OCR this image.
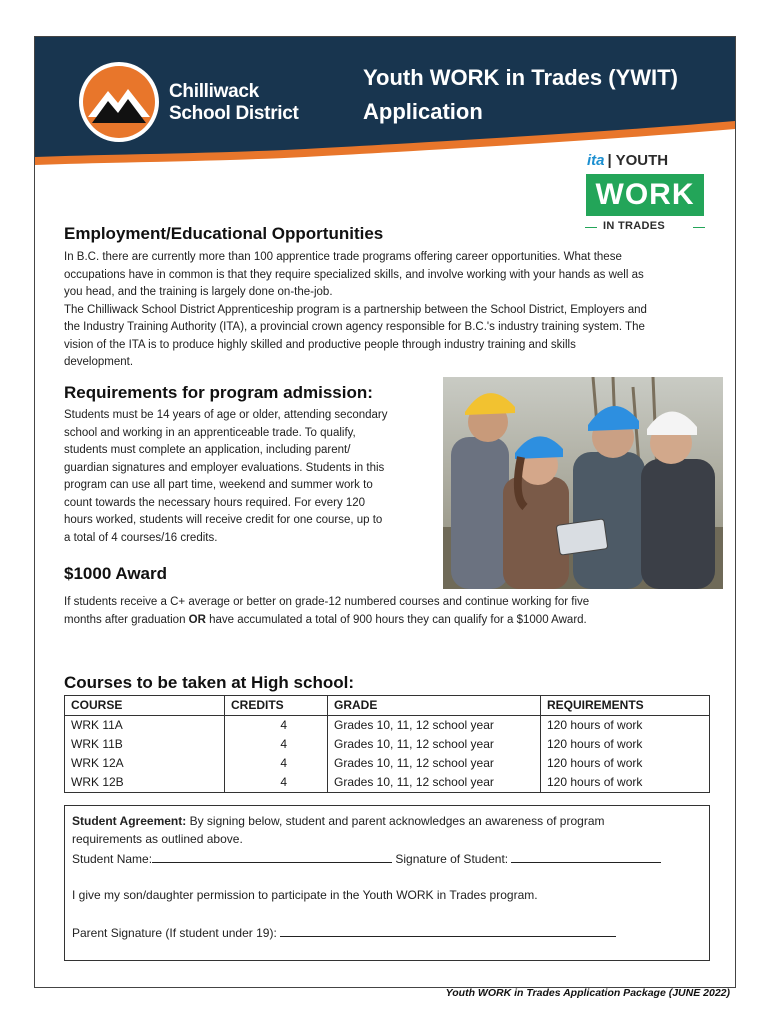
Chilliwack
School District
Youth WORK in Trades (YWIT)
Application
ita | YOUTH
WORK
IN TRADES
Employment/Educational Opportunities
In B.C. there are currently more than 100 apprentice trade programs offering career opportunities. What these
occupations have in common is that they require specialized skills, and involve working with your hands as well as
you head, and the training is largely done on-the-job.
The Chilliwack School District Apprenticeship program is a partnership between the School District, Employers and
the Industry Training Authority (ITA), a provincial crown agency responsible for B.C.'s industry training system. The
vision of the ITA is to produce highly skilled and productive people through industry training and skills
development.
Requirements for program admission:
Students must be 14 years of age or older, attending secondary
school and working in an apprenticeable trade. To qualify,
students must complete an application, including parent/
guardian signatures and employer evaluations. Students in this
program can use all part time, weekend and summer work to
count towards the necessary hours required. For every 120
hours worked, students will receive credit for one course, up to
a total of 4 courses/16 credits.
$1000 Award
If students receive a C+ average or better on grade-12 numbered courses and continue working for five
months after graduation OR have accumulated a total of 900 hours they can qualify for a $1000 Award.
Courses to be taken at High school:
COURSE	CREDITS	GRADE	REQUIREMENTS
WRK 11A	4	Grades 10, 11, 12 school year	120 hours of work
WRK 11B	4	Grades 10, 11, 12 school year	120 hours of work
WRK 12A	4	Grades 10, 11, 12 school year	120 hours of work
WRK 12B	4	Grades 10, 11, 12 school year	120 hours of work

Student Agreement: By signing below, student and parent acknowledges an awareness of program

requirements as outlined above.

Student Name:	Signature of Student:

I give my son/daughter permission to participate in the Youth WORK in Trades program.

Parent Signature (If student under 19):

Youth WORK in Trades Application Package (JUNE 2022)
